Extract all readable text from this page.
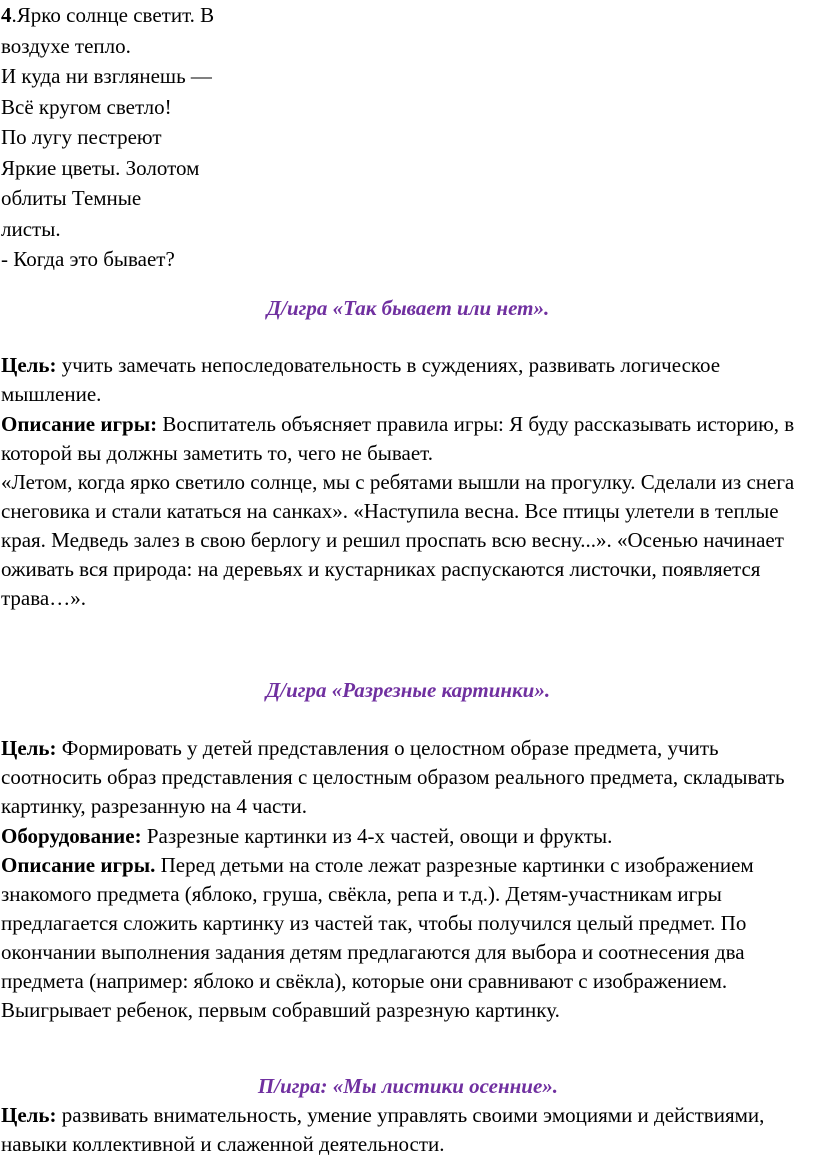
4.Ярко солнце светит. В
воздухе тепло.
И куда ни взглянешь —
Всё кругом светло!
По лугу пестреют
Яркие цветы. Золотом
облиты Темные
листы.
- Когда это бывает?
Д/игра «Так бывает или нет».
Цель: учить замечать непоследовательность в суждениях, развивать логическое мышление.
Описание игры: Воспитатель объясняет правила игры: Я буду рассказывать историю, в которой вы должны заметить то, чего не бывает.
«Летом, когда ярко светило солнце, мы с ребятами вышли на прогулку. Сделали из снега снеговика и стали кататься на санках». «Наступила весна. Все птицы улетели в теплые края. Медведь залез в свою берлогу и решил проспать всю весну...». «Осенью начинает оживать вся природа: на деревьях и кустарниках распускаются листочки, появляется трава…».
Д/игра «Разрезные картинки».
Цель: Формировать у детей представления о целостном образе предмета, учить соотносить образ представления с целостным образом реального предмета, складывать картинку, разрезанную на 4 части.
Оборудование: Разрезные картинки из 4-х частей, овощи и фрукты.
Описание игры. Перед детьми на столе лежат разрезные картинки с изображением знакомого предмета (яблоко, груша, свёкла, репа и т.д.). Детям-участникам игры предлагается сложить картинку из частей так, чтобы получился целый предмет. По окончании выполнения задания детям предлагаются для выбора и соотнесения два предмета (например: яблоко и свёкла), которые они сравнивают с изображением. Выигрывает ребенок, первым собравший разрезную картинку.
П/игра: «Мы листики осенние».
Цель: развивать внимательность, умение управлять своими эмоциями и действиями, навыки коллективной и слаженной деятельности.
